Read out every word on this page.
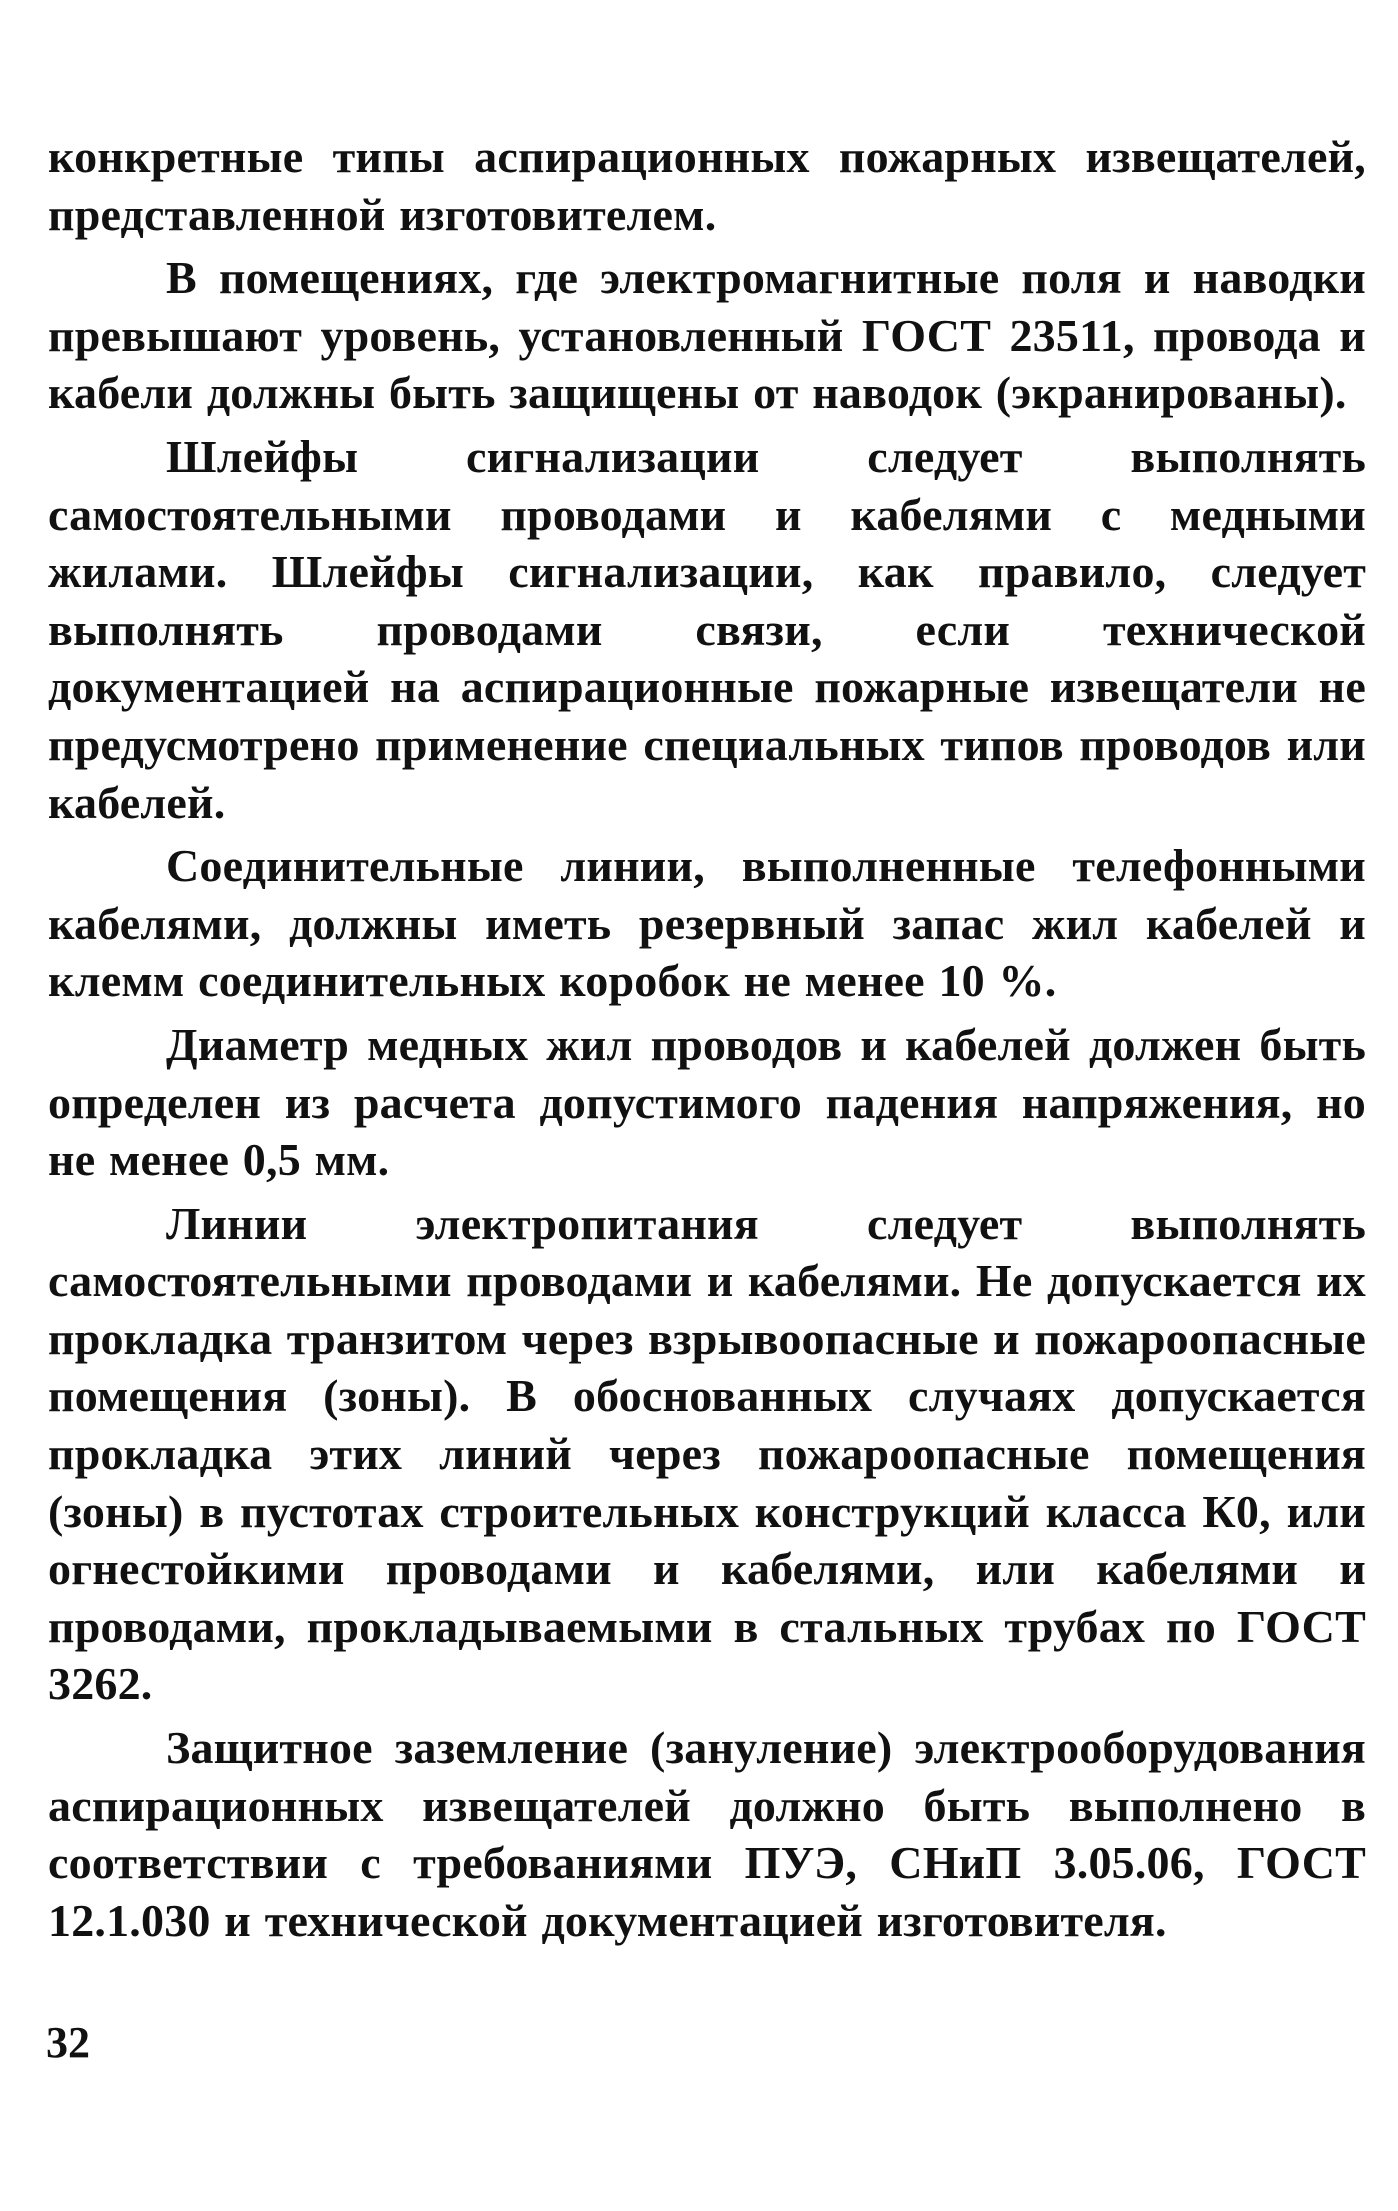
конкретные типы аспирационных пожарных извещателей, представленной изготовителем.

В помещениях, где электромагнитные поля и наводки превышают уровень, установленный ГОСТ 23511, провода и кабели должны быть защищены от наводок (экранированы).

Шлейфы сигнализации следует выполнять самостоятельными проводами и кабелями с медными жилами. Шлейфы сигнализации, как правило, следует выполнять проводами связи, если технической документацией на аспирационные пожарные извещатели не предусмотрено применение специальных типов проводов или кабелей.

Соединительные линии, выполненные телефонными кабелями, должны иметь резервный запас жил кабелей и клемм соединительных коробок не менее 10 %.

Диаметр медных жил проводов и кабелей должен быть определен из расчета допустимого падения напряжения, но не менее 0,5 мм.

Линии электропитания следует выполнять самостоятельными проводами и кабелями. Не допускается их прокладка транзитом через взрывоопасные и пожароопасные помещения (зоны). В обоснованных случаях допускается прокладка этих линий через пожароопасные помещения (зоны) в пустотах строительных конструкций класса К0, или огнестойкими проводами и кабелями, или кабелями и проводами, прокладываемыми в стальных трубах по ГОСТ 3262.

Защитное заземление (зануление) электрооборудования аспирационных извещателей должно быть выполнено в соответствии с требованиями ПУЭ, СНиП 3.05.06, ГОСТ 12.1.030 и технической документацией изготовителя.

32
